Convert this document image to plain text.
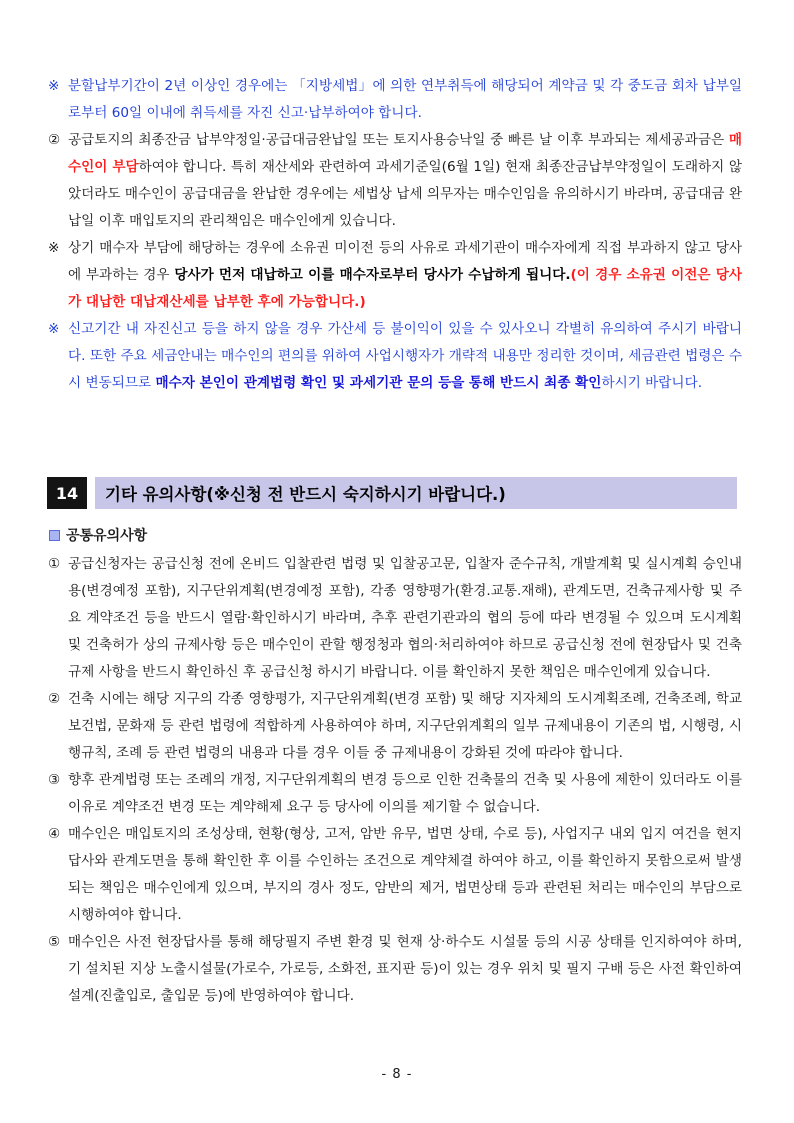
※ 분할납부기간이 2년 이상인 경우에는 「지방세법」에 의한 연부취득에 해당되어 계약금 및 각 중도금 회차 납부일로부터 60일 이내에 취득세를 자진 신고·납부하여야 합니다.
② 공급토지의 최종잔금 납부약정일·공급대금완납일 또는 토지사용승낙일 중 빠른 날 이후 부과되는 제세공과금은 매수인이 부담하여야 합니다. 특히 재산세와 관련하여 과세기준일(6월 1일) 현재 최종잔금납부약정일이 도래하지 않았더라도 매수인이 공급대금을 완납한 경우에는 세법상 납세 의무자는 매수인임을 유의하시기 바라며, 공급대금 완납일 이후 매입토지의 관리책임은 매수인에게 있습니다.
※ 상기 매수자 부담에 해당하는 경우에 소유권 미이전 등의 사유로 과세기관이 매수자에게 직접 부과하지 않고 당사에 부과하는 경우 당사가 먼저 대납하고 이를 매수자로부터 당사가 수납하게 됩니다.(이 경우 소유권 이전은 당사가 대납한 대납재산세를 납부한 후에 가능합니다.)
※ 신고기간 내 자진신고 등을 하지 않을 경우 가산세 등 불이익이 있을 수 있사오니 각별히 유의하여 주시기 바랍니다. 또한 주요 세금안내는 매수인의 편의를 위하여 사업시행자가 개략적 내용만 정리한 것이며, 세금관련 법령은 수시 변동되므로 매수자 본인이 관계법령 확인 및 과세기관 문의 등을 통해 반드시 최종 확인하시기 바랍니다.
14	기타 유의사항(※신청 전 반드시 숙지하시기 바랍니다.)
공통유의사항
① 공급신청자는 공급신청 전에 온비드 입찰관련 법령 및 입찰공고문, 입찰자 준수규칙, 개발계획 및 실시계획 승인내용(변경예정 포함), 지구단위계획(변경예정 포함), 각종 영향평가(환경.교통.재해), 관계도면, 건축규제사항 및 주요 계약조건 등을 반드시 열람·확인하시기 바라며, 추후 관련기관과의 협의 등에 따라 변경될 수 있으며 도시계획 및 건축허가 상의 규제사항 등은 매수인이 관할 행정청과 협의·처리하여야 하므로 공급신청 전에 현장답사 및 건축규제 사항을 반드시 확인하신 후 공급신청 하시기 바랍니다. 이를 확인하지 못한 책임은 매수인에게 있습니다.
② 건축 시에는 해당 지구의 각종 영향평가, 지구단위계획(변경 포함) 및 해당 지자체의 도시계획조례, 건축조례, 학교보건법, 문화재 등 관련 법령에 적합하게 사용하여야 하며, 지구단위계획의 일부 규제내용이 기존의 법, 시행령, 시행규칙, 조례 등 관련 법령의 내용과 다를 경우 이들 중 규제내용이 강화된 것에 따라야 합니다.
③ 향후 관계법령 또는 조례의 개정, 지구단위계획의 변경 등으로 인한 건축물의 건축 및 사용에 제한이 있더라도 이를 이유로 계약조건 변경 또는 계약해제 요구 등 당사에 이의를 제기할 수 없습니다.
④ 매수인은 매입토지의 조성상태, 현황(형상, 고저, 암반 유무, 법면 상태, 수로 등), 사업지구 내외 입지 여건을 현지답사와 관계도면을 통해 확인한 후 이를 수인하는 조건으로 계약체결 하여야 하고, 이를 확인하지 못함으로써 발생되는 책임은 매수인에게 있으며, 부지의 경사 정도, 암반의 제거, 법면상태 등과 관련된 처리는 매수인의 부담으로 시행하여야 합니다.
⑤ 매수인은 사전 현장답사를 통해 해당필지 주변 환경 및 현재 상·하수도 시설물 등의 시공 상태를 인지하여야 하며, 기 설치된 지상 노출시설물(가로수, 가로등, 소화전, 표지판 등)이 있는 경우 위치 및 필지 구배 등은 사전 확인하여 설계(진출입로, 출입문 등)에 반영하여야 합니다.
- 8 -
